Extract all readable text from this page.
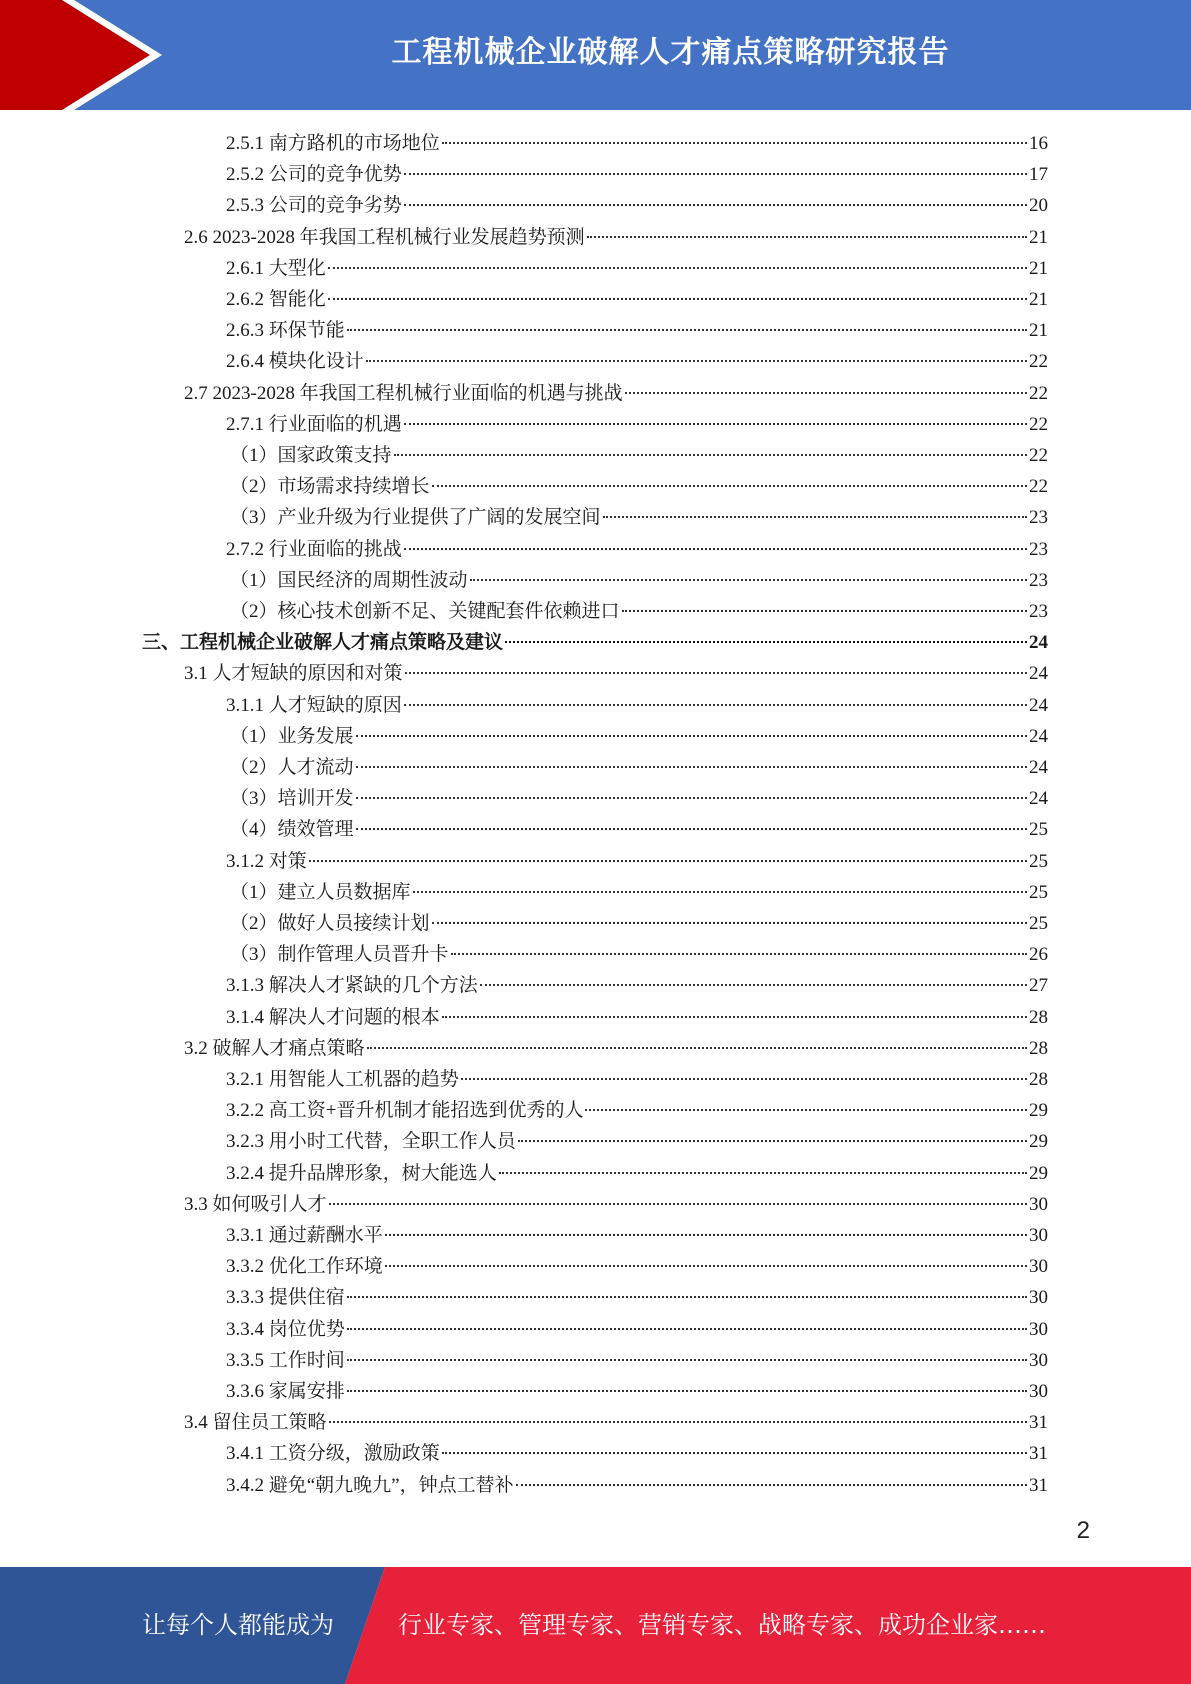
工程机械企业破解人才痛点策略研究报告
2.5.1 南方路机的市场地位	16
2.5.2 公司的竞争优势	17
2.5.3 公司的竞争劣势	20
2.6 2023-2028 年我国工程机械行业发展趋势预测	21
2.6.1 大型化	21
2.6.2 智能化	21
2.6.3 环保节能	21
2.6.4 模块化设计	22
2.7 2023-2028 年我国工程机械行业面临的机遇与挑战	22
2.7.1 行业面临的机遇	22
（1）国家政策支持	22
（2）市场需求持续增长	22
（3）产业升级为行业提供了广阔的发展空间	23
2.7.2 行业面临的挑战	23
（1）国民经济的周期性波动	23
（2）核心技术创新不足、关键配套件依赖进口	23
三、工程机械企业破解人才痛点策略及建议	24
3.1 人才短缺的原因和对策	24
3.1.1 人才短缺的原因	24
（1）业务发展	24
（2）人才流动	24
（3）培训开发	24
（4）绩效管理	25
3.1.2 对策	25
（1）建立人员数据库	25
（2）做好人员接续计划	25
（3）制作管理人员晋升卡	26
3.1.3 解决人才紧缺的几个方法	27
3.1.4 解决人才问题的根本	28
3.2 破解人才痛点策略	28
3.2.1 用智能人工机器的趋势	28
3.2.2 高工资+晋升机制才能招选到优秀的人	29
3.2.3 用小时工代替，全职工作人员	29
3.2.4 提升品牌形象，树大能选人	29
3.3 如何吸引人才	30
3.3.1 通过薪酬水平	30
3.3.2 优化工作环境	30
3.3.3 提供住宿	30
3.3.4 岗位优势	30
3.3.5 工作时间	30
3.3.6 家属安排	30
3.4 留住员工策略	31
3.4.1 工资分级，激励政策	31
3.4.2 避免“朝九晚九”，钟点工替补	31
2
让每个人都能成为	行业专家、管理专家、营销专家、战略专家、成功企业家……
